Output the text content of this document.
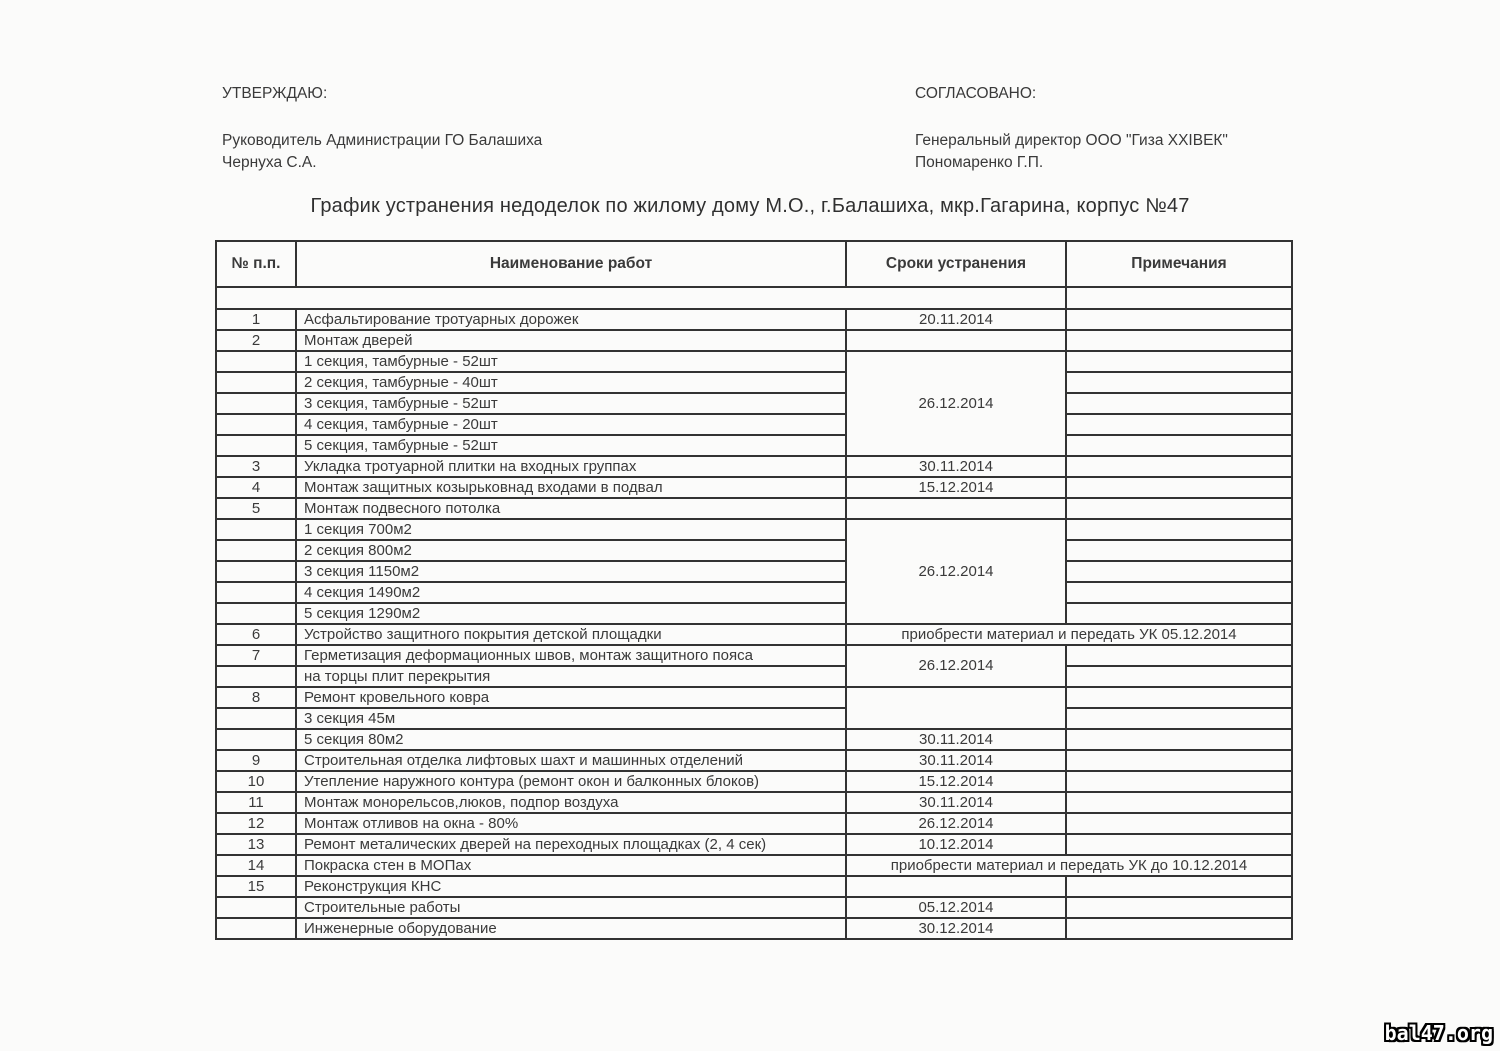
УТВЕРЖДАЮ:
Руководитель Администрации ГО Балашиха
Чернуха С.А.
СОГЛАСОВАНО:
Генеральный директор ООО "Гиза XXIВЕК"
Пономаренко Г.П.
График устранения недоделок по жилому дому М.О., г.Балашиха, мкр.Гагарина, корпус №47
№ п.п.	Наименование работ	Сроки устранения	Примечания

1	Асфальтирование тротуарных дорожек	20.11.2014	
2	Монтаж дверей		
	1 секция, тамбурные - 52шт	26.12.2014	
	2 секция, тамбурные - 40шт		
	3 секция, тамбурные - 52шт		
	4 секция, тамбурные - 20шт		
	5 секция, тамбурные - 52шт		
3	Укладка тротуарной плитки на входных группах	30.11.2014	
4	Монтаж защитных козырьковнад входами в подвал	15.12.2014	
5	Монтаж подвесного потолка		
	1 секция 700м2	26.12.2014	
	2 секция 800м2		
	3 секция 1150м2		
	4 секция 1490м2		
	5 секция 1290м2		
6	Устройство защитного покрытия детской площадки	приобрести материал и передать УК 05.12.2014	
7	Герметизация деформационных швов, монтаж защитного пояса	26.12.2014	
	на торцы плит перекрытия		
8	Ремонт кровельного ковра		
	3 секция 45м		
	5 секция 80м2	30.11.2014	
9	Строительная отделка лифтовых шахт и машинных отделений	30.11.2014	
10	Утепление наружного контура (ремонт окон и балконных блоков)	15.12.2014	
11	Монтаж монорельсов,люков, подпор воздуха	30.11.2014	
12	Монтаж отливов на окна - 80%	26.12.2014	
13	Ремонт металических дверей на переходных площадках (2, 4 сек)	10.12.2014	
14	Покраска стен в МОПах	приобрести материал и передать УК до 10.12.2014	
15	Реконструкция КНС		
	Строительные работы	05.12.2014	
	Инженерные оборудование	30.12.2014	
bal47.org
